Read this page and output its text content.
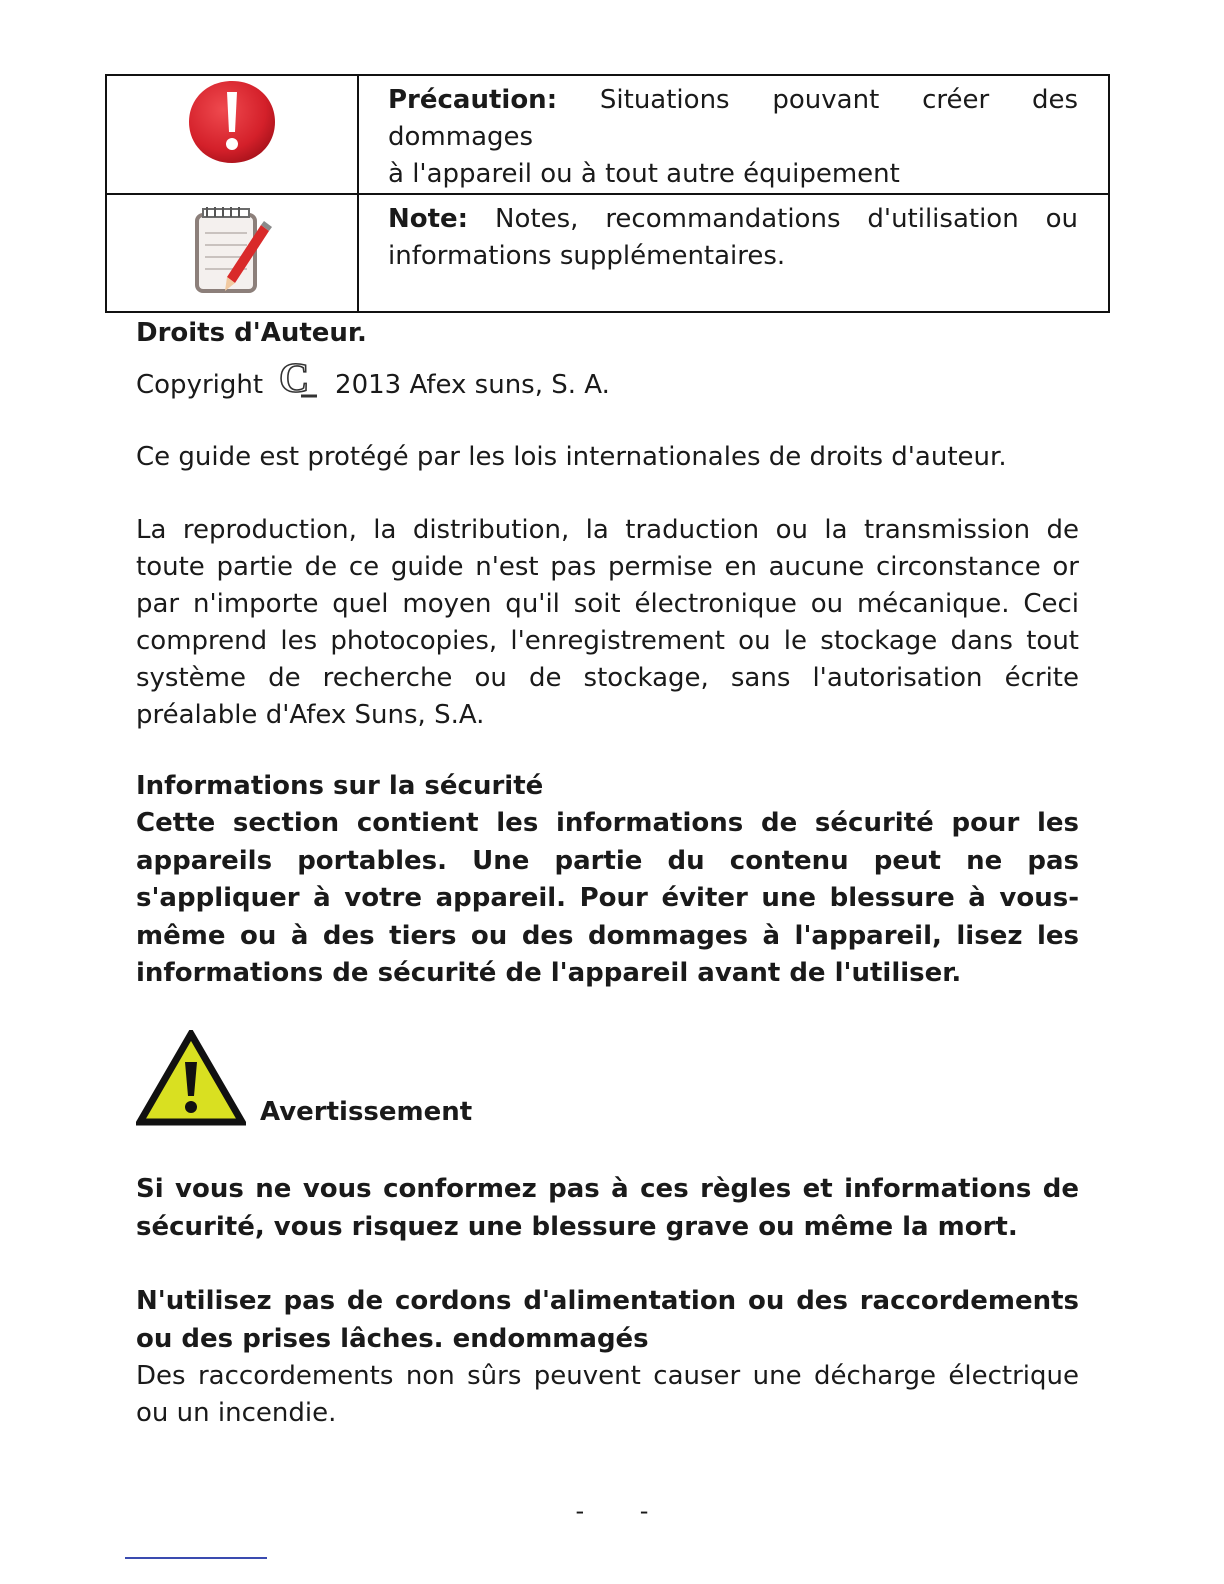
Précaution: Situations pouvant créer des dommages
à l'appareil ou à tout autre équipement

Note: Notes, recommandations d'utilisation ou
informations supplémentaires.
Droits d'Auteur.
Copyright C 2013 Afex suns, S. A.
Ce guide est protégé par les lois internationales de droits d'auteur.
La reproduction, la distribution, la traduction ou la transmission de toute partie de ce guide n'est pas permise en aucune circonstance or par n'importe quel moyen qu'il soit électronique ou mécanique. Ceci comprend les photocopies, l'enregistrement ou le stockage dans tout système de recherche ou de stockage, sans l'autorisation écrite préalable d'Afex Suns, S.A.
Informations sur la sécurité
Cette section contient les informations de sécurité pour les appareils portables. Une partie du contenu peut ne pas s'appliquer à votre appareil. Pour éviter une blessure à vous-même ou à des tiers ou des dommages à l'appareil, lisez les informations de sécurité de l'appareil avant de l'utiliser.
Avertissement
Si vous ne vous conformez pas à ces règles et informations de sécurité, vous risquez une blessure grave ou même la mort.
N'utilisez pas de cordons d'alimentation ou des raccordements ou des prises lâches. endommagés
Des raccordements non sûrs peuvent causer une décharge électrique ou un incendie.
- -
